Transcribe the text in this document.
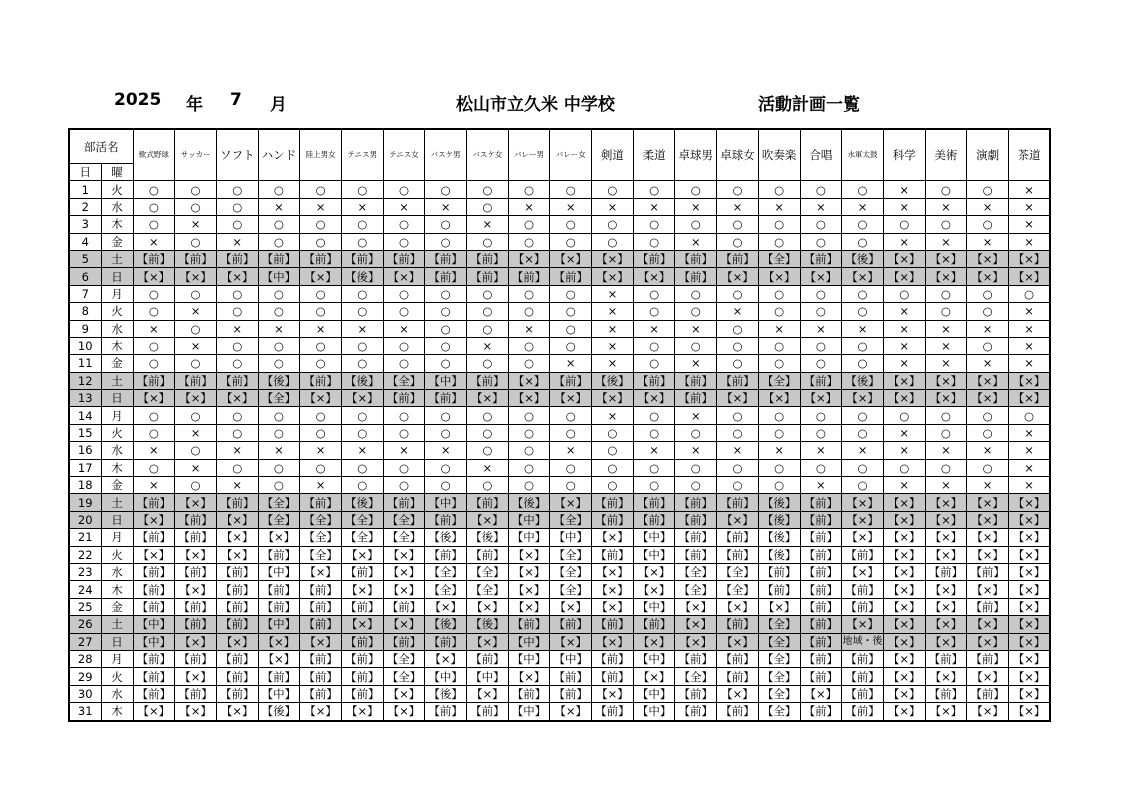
2025 年 7 月	松山市立久米 中学校	活動計画一覧
部活名		軟式野球	サッカー	ソフト	ハンド	陸上男女	テニス男	テニス女	バスケ男	バスケ女	バレー男	バレー女	剣道	柔道	卓球男	卓球女	吹奏楽	合唱	水軍太鼓	科学	美術	演劇	茶道
日	曜																						
1	火	○	○	○	○	○	○	○	○	○	○	○	○	○	○	○	○	○	○	×	○	○	×
2	水	○	○	○	×	×	×	×	×	○	×	×	×	×	×	×	×	×	×	×	×	×	×
3	木	○	×	○	○	○	○	○	○	×	○	○	○	○	○	○	○	○	○	○	○	○	×
4	金	×	○	×	○	○	○	○	○	○	○	○	○	○	×	○	○	○	○	×	×	×	×
5	土	【前】	【前】	【前】	【前】	【前】	【前】	【前】	【前】	【前】	【×】	【×】	【×】	【前】	【前】	【前】	【全】	【前】	【後】	【×】	【×】	【×】	【×】
6	日	【×】	【×】	【×】	【中】	【×】	【後】	【×】	【前】	【前】	【前】	【前】	【×】	【×】	【前】	【×】	【×】	【×】	【×】	【×】	【×】	【×】	【×】
7	月	○	○	○	○	○	○	○	○	○	○	○	×	○	○	○	○	○	○	○	○	○	○
8	火	○	×	○	○	○	○	○	○	○	○	○	×	○	○	×	○	○	○	×	○	○	×
9	水	×	○	×	×	×	×	×	○	○	×	○	×	×	×	○	×	×	×	×	×	×	×
10	木	○	×	○	○	○	○	○	○	×	○	○	×	○	○	○	○	○	○	×	×	○	×
11	金	○	○	○	○	○	○	○	○	○	○	×	×	○	×	○	○	○	○	×	×	×	×
12	土	【前】	【前】	【前】	【後】	【前】	【後】	【全】	【中】	【前】	【×】	【前】	【後】	【前】	【前】	【前】	【全】	【前】	【後】	【×】	【×】	【×】	【×】
13	日	【×】	【×】	【×】	【全】	【×】	【×】	【前】	【前】	【×】	【×】	【×】	【×】	【×】	【前】	【×】	【×】	【×】	【×】	【×】	【×】	【×】	【×】
14	月	○	○	○	○	○	○	○	○	○	○	○	×	○	×	○	○	○	○	○	○	○	○
15	火	○	×	○	○	○	○	○	○	○	○	○	○	○	○	○	○	○	○	×	○	○	×
16	水	×	○	×	×	×	×	×	×	○	○	×	○	×	×	×	×	×	×	×	×	×	×
17	木	○	×	○	○	○	○	○	○	×	○	○	○	○	○	○	○	○	○	○	○	○	×
18	金	×	○	×	○	×	○	○	○	○	○	○	○	○	○	○	○	×	○	×	×	×	×
19	土	【前】	【×】	【前】	【全】	【前】	【後】	【前】	【中】	【前】	【後】	【×】	【前】	【前】	【前】	【前】	【後】	【前】	【×】	【×】	【×】	【×】	【×】
20	日	【×】	【前】	【×】	【全】	【全】	【全】	【全】	【前】	【×】	【中】	【全】	【前】	【前】	【前】	【×】	【後】	【前】	【×】	【×】	【×】	【×】	【×】
21	月	【前】	【前】	【×】	【×】	【全】	【全】	【全】	【後】	【後】	【中】	【中】	【×】	【中】	【前】	【前】	【後】	【前】	【×】	【×】	【×】	【×】	【×】
22	火	【×】	【×】	【×】	【前】	【全】	【×】	【×】	【前】	【前】	【×】	【全】	【前】	【中】	【前】	【前】	【後】	【前】	【前】	【×】	【×】	【×】	【×】
23	水	【前】	【前】	【前】	【中】	【×】	【前】	【×】	【全】	【全】	【×】	【全】	【×】	【×】	【全】	【全】	【前】	【前】	【×】	【×】	【前】	【前】	【×】
24	木	【前】	【×】	【前】	【前】	【前】	【×】	【×】	【全】	【全】	【×】	【全】	【×】	【×】	【全】	【全】	【前】	【前】	【前】	【×】	【×】	【×】	【×】
25	金	【前】	【前】	【前】	【前】	【前】	【前】	【前】	【×】	【×】	【×】	【×】	【×】	【中】	【×】	【×】	【×】	【前】	【前】	【×】	【×】	【前】	【×】
26	土	【中】	【前】	【前】	【中】	【前】	【×】	【×】	【後】	【後】	【前】	【前】	【前】	【前】	【×】	【前】	【全】	【前】	【×】	【×】	【×】	【×】	【×】
27	日	【中】	【×】	【×】	【×】	【×】	【前】	【前】	【前】	【×】	【中】	【×】	【×】	【×】	【×】	【×】	【全】	【前】	地域・後	【×】	【×】	【×】	【×】
28	月	【前】	【前】	【前】	【×】	【前】	【前】	【全】	【×】	【前】	【中】	【中】	【前】	【中】	【前】	【前】	【全】	【前】	【前】	【×】	【前】	【前】	【×】
29	火	【前】	【×】	【前】	【前】	【前】	【前】	【全】	【中】	【中】	【×】	【前】	【前】	【×】	【全】	【前】	【全】	【前】	【前】	【×】	【×】	【×】	【×】
30	水	【前】	【前】	【前】	【中】	【前】	【前】	【×】	【後】	【×】	【前】	【前】	【×】	【中】	【前】	【×】	【全】	【×】	【前】	【×】	【前】	【前】	【×】
31	木	【×】	【×】	【×】	【後】	【×】	【×】	【×】	【前】	【前】	【中】	【×】	【前】	【中】	【前】	【前】	【全】	【前】	【前】	【×】	【×】	【×】	【×】
